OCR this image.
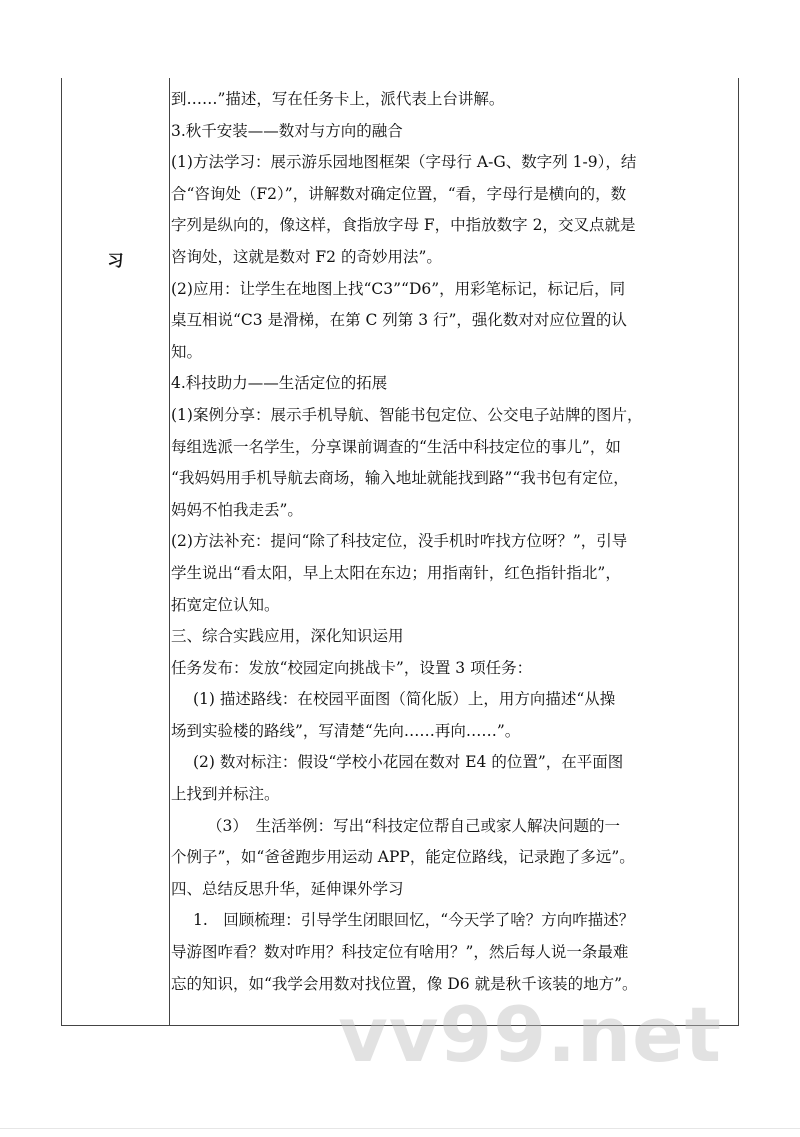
习

到……”描述，写在任务卡上，派代表上台讲解。

3.秋千安装——数对与方向的融合

(1)方法学习：展示游乐园地图框架（字母行 A-G、数字列 1-9），结

合“咨询处（F2）”，讲解数对确定位置，“看，字母行是横向的，数

字列是纵向的，像这样，食指放字母 F，中指放数字 2，交叉点就是

咨询处，这就是数对 F2 的奇妙用法”。

(2)应用：让学生在地图上找“C3”“D6”，用彩笔标记，标记后，同

桌互相说“C3 是滑梯，在第 C 列第 3 行”，强化数对对应位置的认

知。

4.科技助力——生活定位的拓展

(1)案例分享：展示手机导航、智能书包定位、公交电子站牌的图片，

每组选派一名学生，分享课前调查的“生活中科技定位的事儿”，如

“我妈妈用手机导航去商场，输入地址就能找到路”“我书包有定位，

妈妈不怕我走丢”。

(2)方法补充：提问“除了科技定位，没手机时咋找方位呀？”，引导

学生说出“看太阳，早上太阳在东边；用指南针，红色指针指北”，

拓宽定位认知。

三、综合实践应用，深化知识运用

任务发布：发放“校园定向挑战卡”，设置 3 项任务：

(1) 描述路线：在校园平面图（简化版）上，用方向描述“从操

场到实验楼的路线”，写清楚“先向……再向……”。

(2) 数对标注：假设“学校小花园在数对 E4 的位置”，在平面图

上找到并标注。

（3）　生活举例：写出“科技定位帮自己或家人解决问题的一

个例子”，如“爸爸跑步用运动 APP，能定位路线，记录跑了多远”。

四、总结反思升华，延伸课外学习

1.　回顾梳理：引导学生闭眼回忆，“今天学了啥？方向咋描述？

导游图咋看？数对咋用？科技定位有啥用？”，然后每人说一条最难

忘的知识，如“我学会用数对找位置，像 D6 就是秋千该装的地方”。

vv99.net
